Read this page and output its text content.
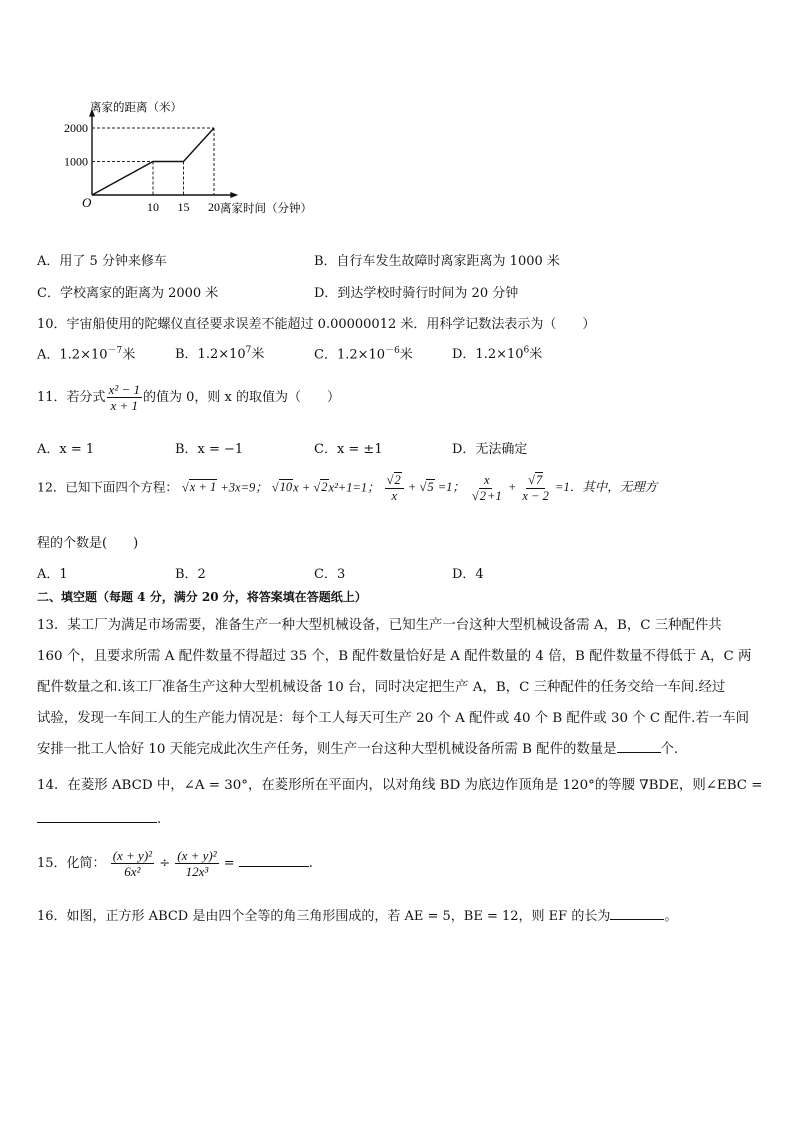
10 15 20
1000
2000
O
离家的距离（米）
离家时间（分钟）
A．用了 5 分钟来修车	B．自行车发生故障时离家距离为 1000 米
C．学校离家的距离为 2000 米	D．到达学校时骑行时间为 20 分钟
10．宇宙船使用的陀螺仪直径要求误差不能超过 0.00000012 米．用科学记数法表示为（　　）
A．$1.2\times 10^{-7}$米	B．$1.2\times 10^7$米	C．$1.2\times 10^{-6}$米	D．$1.2\times 10^6$米
11．若分式 $\frac{\text{x² − 1}}{x + 1}$ 的值为 0，则 x 的取值为（　　）
A．x = 1	B．x = −1	C．x = ±1	D．无法确定
12．已知下面四个方程： √x + 1 +3x=9； √10x + √2x²+1=1； $\frac{√2}{x} + √5 =1$； $\frac{x}{√2+1} + \frac{√7}{x - 2} =1$．其中，无理方
程的个数是(　　)
A．1	B．2	C．3	D．4
二、填空题（每题 4 分，满分 20 分，将答案填在答题纸上）
13．某工厂为满足市场需要，准备生产一种大型机械设备，已知生产一台这种大型机械设备需 A，B，C 三种配件共
160 个，且要求所需 A 配件数量不得超过 35 个，B 配件数量恰好是 A 配件数量的 4 倍，B 配件数量不得低于 A，C 两
配件数量之和.该工厂准备生产这种大型机械设备 10 台，同时决定把生产 A，B，C 三种配件的任务交给一车间.经过
试验，发现一车间工人的生产能力情况是：每个工人每天可生产 20 个 A 配件或 40 个 B 配件或 30 个 C 配件.若一车间
安排一批工人恰好 10 天能完成此次生产任务，则生产一台这种大型机械设备所需 B 配件的数量是	个.
14．在菱形 ABCD 中，∠A = 30°，在菱形所在平面内，以对角线 BD 为底边作顶角是 120°的等腰 ∇BDE，则∠EBC =
.
15．化简： $\frac{\text{(x + y)²}}{\text{6x²}} \div \frac{\text{(x + y)²}}{\text{12x³}}$ =	.
16．如图，正方形 ABCD 是由四个全等的角三角形围成的，若 AE = 5，BE = 12，则 EF 的长为	。
